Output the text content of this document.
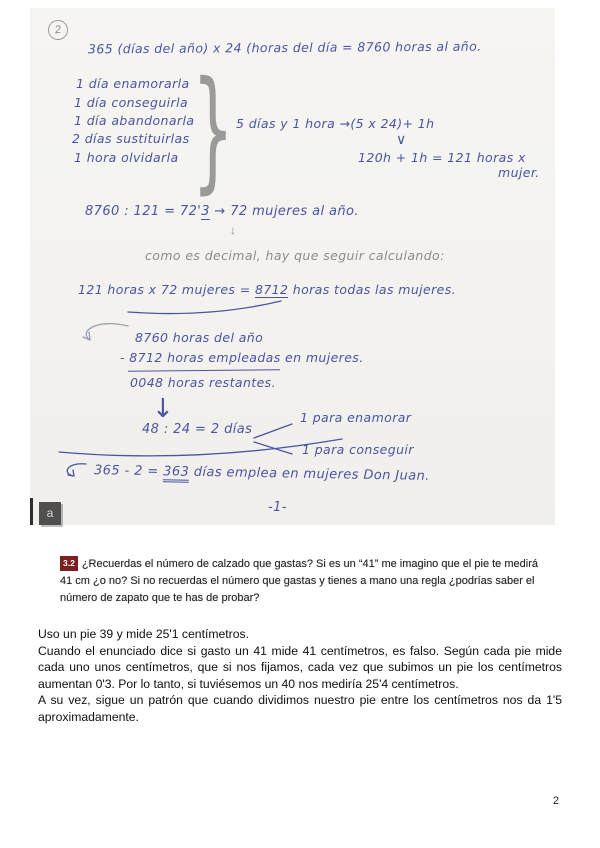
2
365 (días del año) x 24 (horas del día = 8760 horas al año.
1 día enamorarla
1 día conseguirla
1 día abandonarla
2 días sustituirlas
1 hora olvidarla } 5 días y 1 hora →(5 x 24)+ 1h
∨
120h + 1h = 121 horas x
mujer.
8760 : 121 = 72'3 → 72 mujeres al año.
↓
como es decimal, hay que seguir calculando:
121 horas x 72 mujeres = 8712 horas todas las mujeres.
8760 horas del año
- 8712 horas empleadas en mujeres.
0048 horas restantes.
↓
48 : 24 = 2 días
1 para enamorar
1 para conseguir
365 - 2 = 363 días emplea en mujeres Don Juan.
-1-
a
3.2 ¿Recuerdas el número de calzado que gastas? Si es un “41” me imagino que el pie te medirá 41 cm ¿o no? Si no recuerdas el número que gastas y tienes a mano una regla ¿podrías saber el número de zapato que te has de probar?

Uso un pie 39 y mide 25'1 centímetros.

Cuando el enunciado dice si gasto un 41 mide 41 centímetros, es falso. Según cada pie mide cada uno unos centímetros, que si nos fijamos, cada vez que subimos un pie los centímetros aumentan 0'3. Por lo tanto, si tuviésemos un 40 nos mediría 25'4 centímetros.

A su vez, sigue un patrón que cuando dividimos nuestro pie entre los centímetros nos da 1'5 aproximadamente.

2
